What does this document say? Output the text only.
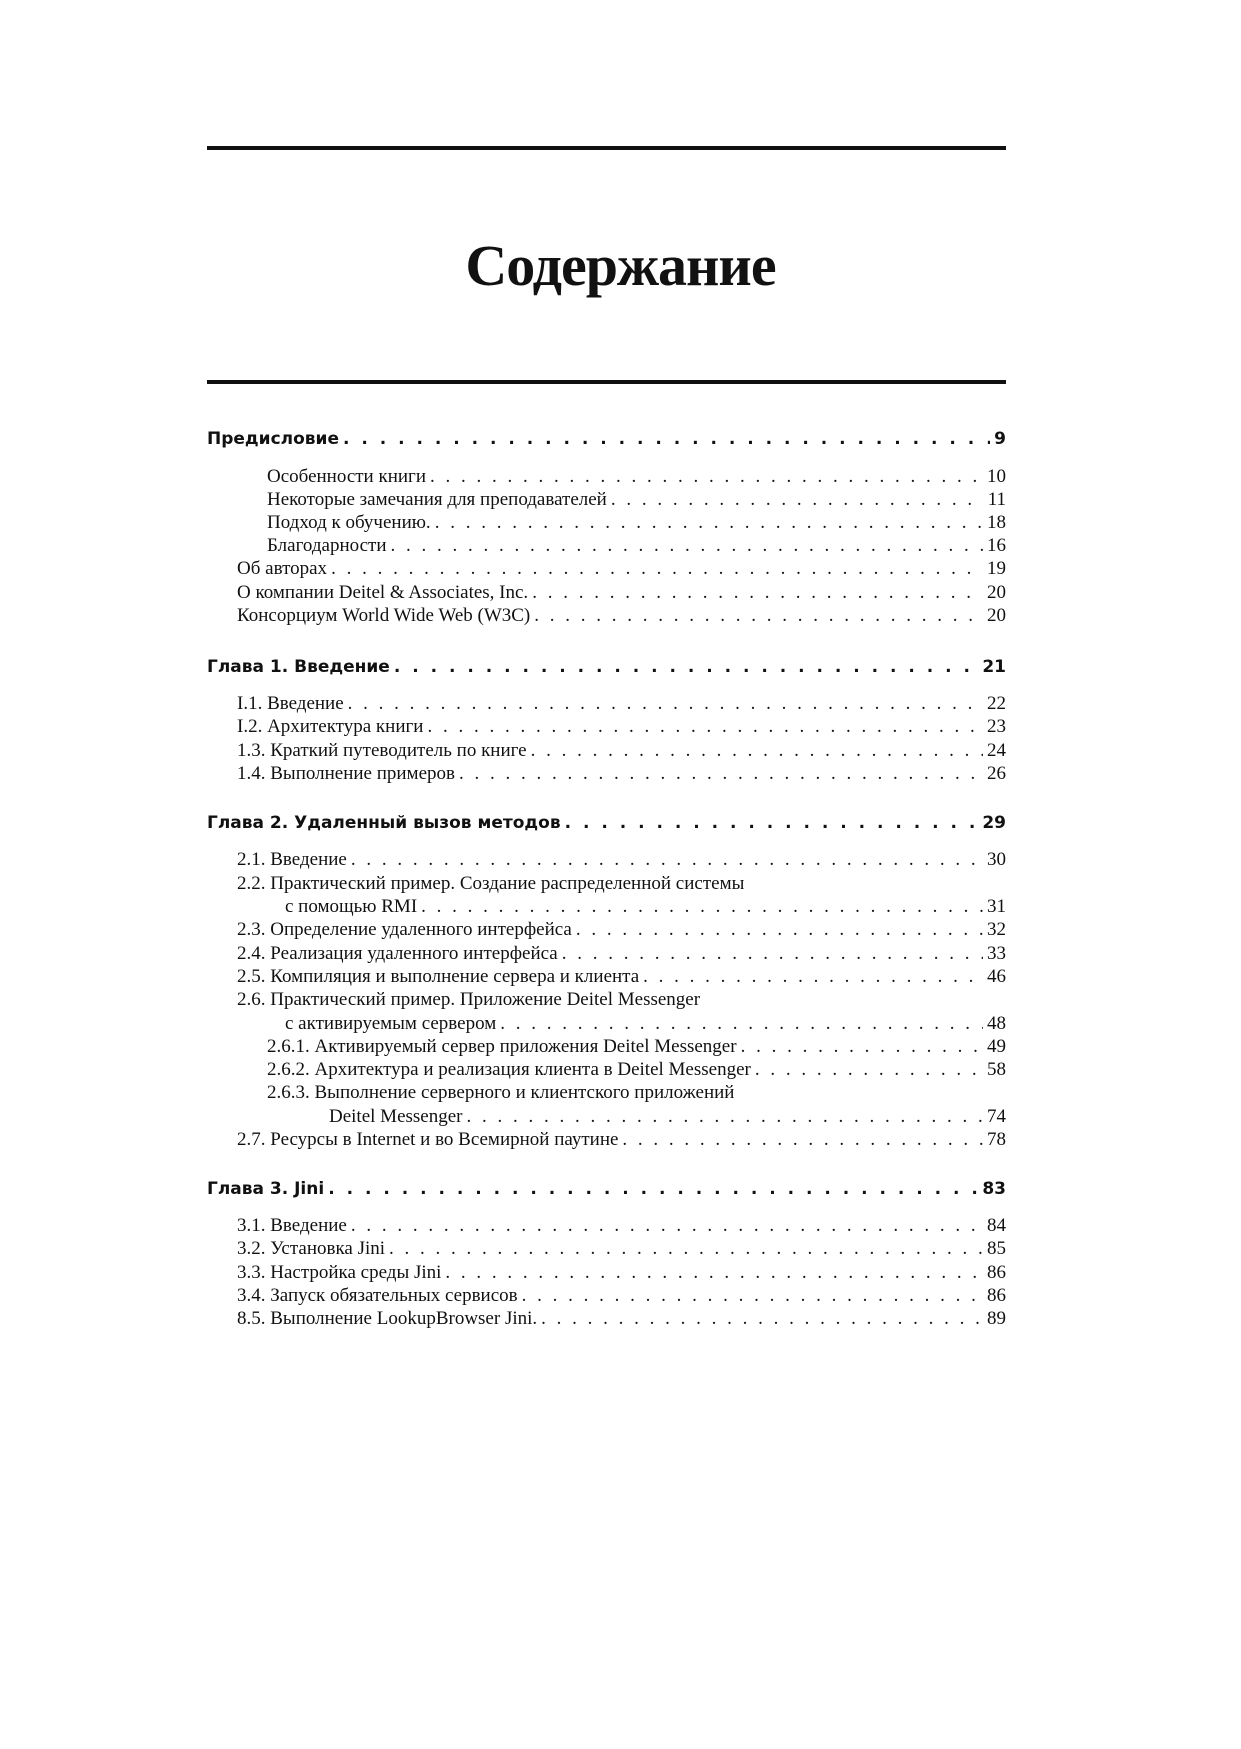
Содержание
Предисловие . . .	9
Особенности книги . . .	10
Некоторые замечания для преподавателей . . .	11
Подход к обучению. . . .	18
Благодарности . . .	16
Об авторах . . .	19
О компании Deitel & Associates, Inc. . . .	20
Консорциум World Wide Web (W3C) . . .	20
Глава 1. Введение . . .	21
I.1. Введение . . .	22
I.2. Архитектура книги . . .	23
1.3. Краткий путеводитель по книге . . .	24
1.4. Выполнение примеров . . .	26
Глава 2. Удаленный вызов методов . . .	29
2.1. Введение . . .	30
2.2. Практический пример. Создание распределенной системы
с помощью RMI . . .	31
2.3. Определение удаленного интерфейса . . .	32
2.4. Реализация удаленного интерфейса . . .	33
2.5. Компиляция и выполнение сервера и клиента . . .	46
2.6. Практический пример. Приложение Deitel Messenger
с активируемым сервером . . .	48
2.6.1. Активируемый сервер приложения Deitel Messenger . . .	49
2.6.2. Архитектура и реализация клиента в Deitel Messenger . . .	58
2.6.3. Выполнение серверного и клиентского приложений
Deitel Messenger . . .	74
2.7. Ресурсы в Internet и во Всемирной паутине . . .	78
Глава 3. Jini . . .	83
3.1. Введение . . .	84
3.2. Установка Jini . . .	85
3.3. Настройка среды Jini . . .	86
3.4. Запуск обязательных сервисов . . .	86
8.5. Выполнение LookupBrowser Jini. . . .	89
